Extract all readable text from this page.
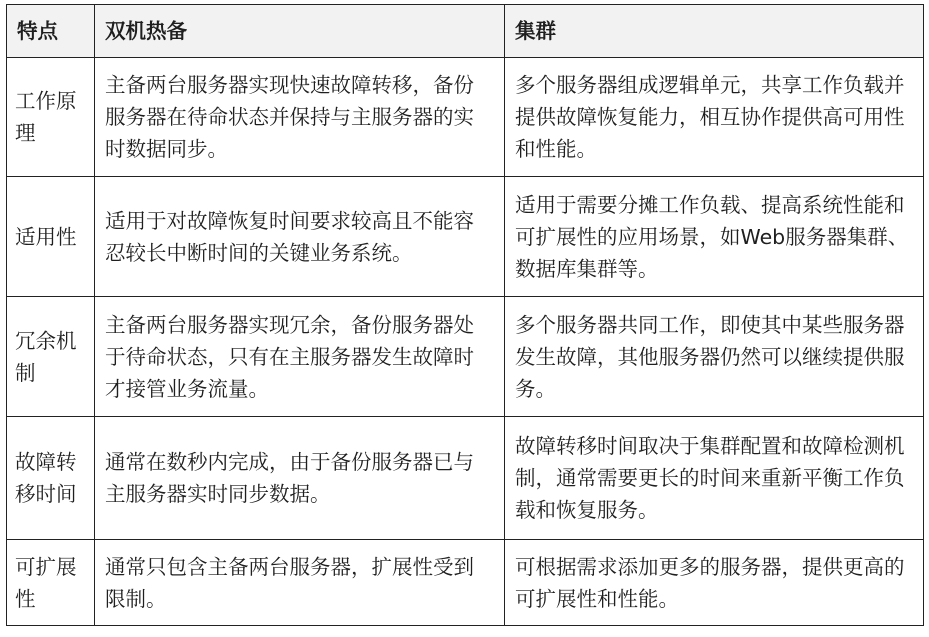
特点	双机热备	集群
工作原理	主备两台服务器实现快速故障转移，备份服务器在待命状态并保持与主服务器的实时数据同步。	多个服务器组成逻辑单元，共享工作负载并提供故障恢复能力，相互协作提供高可用性和性能。
适用性	适用于对故障恢复时间要求较高且不能容忍较长中断时间的关键业务系统。	适用于需要分摊工作负载、提高系统性能和可扩展性的应用场景，如Web服务器集群、数据库集群等。
冗余机制	主备两台服务器实现冗余，备份服务器处于待命状态，只有在主服务器发生故障时才接管业务流量。	多个服务器共同工作，即使其中某些服务器发生故障，其他服务器仍然可以继续提供服务。
故障转移时间	通常在数秒内完成，由于备份服务器已与主服务器实时同步数据。	故障转移时间取决于集群配置和故障检测机制，通常需要更长的时间来重新平衡工作负载和恢复服务。
可扩展性	通常只包含主备两台服务器，扩展性受到限制。	可根据需求添加更多的服务器，提供更高的可扩展性和性能。
